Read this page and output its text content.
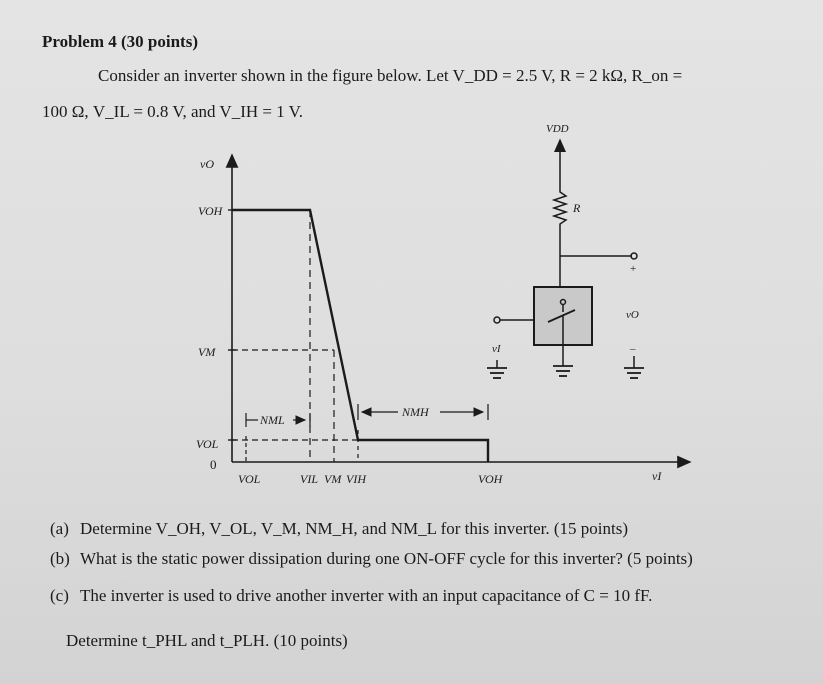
Problem 4 (30 points)
Consider an inverter shown in the figure below. Let V_DD = 2.5 V, R = 2 kΩ, R_on =
100 Ω, V_IL = 0.8 V, and V_IH = 1 V.
vO
vI
VOH
VM
VOL
0
VOL	VIL VM VIH	VOH
NML
NMH
VDD
R
vI
vO
+
–
(a) Determine V_OH, V_OL, V_M, NM_H, and NM_L for this inverter. (15 points)
(b) What is the static power dissipation during one ON-OFF cycle for this inverter? (5 points)
(c) The inverter is used to drive another inverter with an input capacitance of C = 10 fF.
Determine t_PHL and t_PLH. (10 points)
